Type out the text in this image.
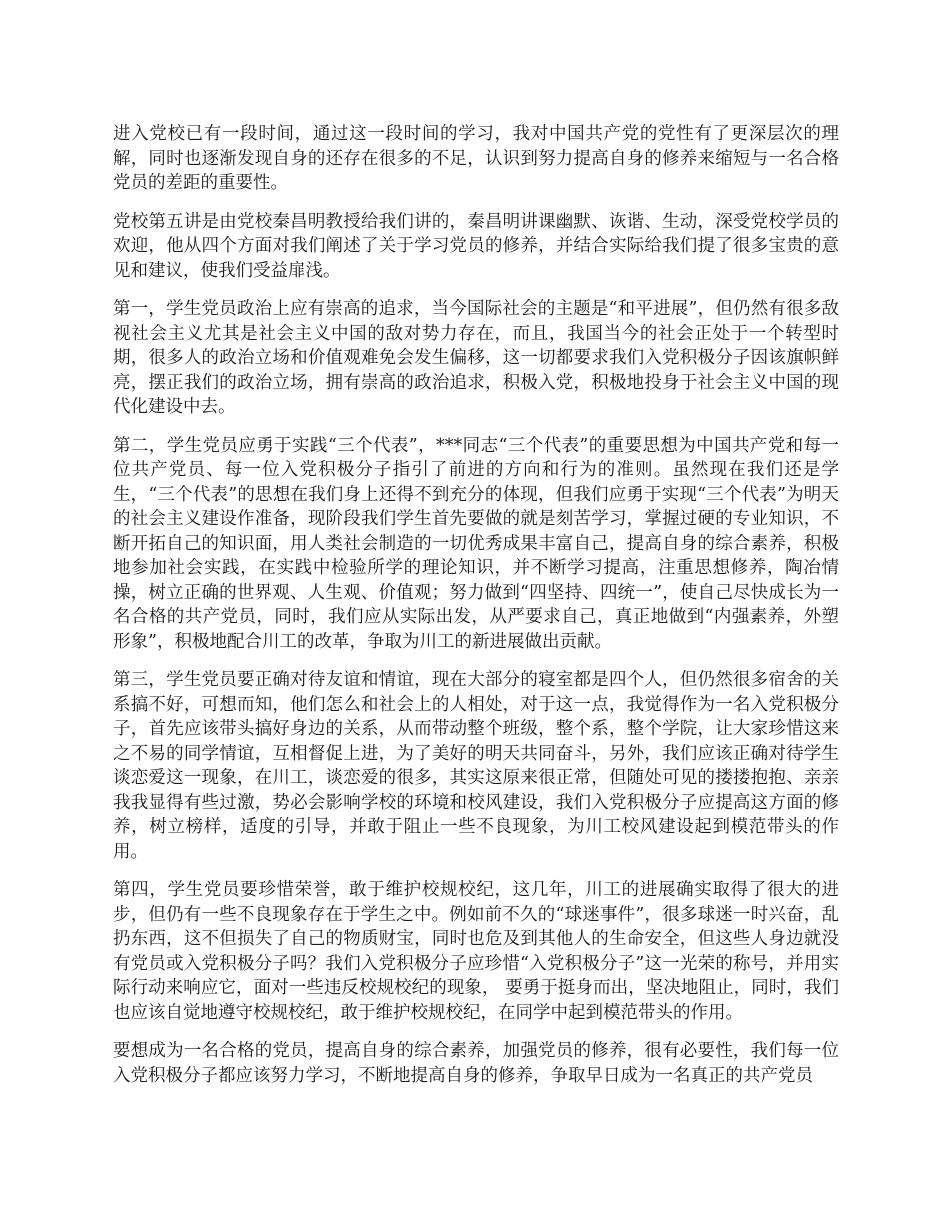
进入党校已有一段时间，通过这一段时间的学习，我对中国共产党的党性有了更深层次的理解，同时也逐渐发现自身的还存在很多的不足，认识到努力提高自身的修养来缩短与一名合格党员的差距的重要性。

党校第五讲是由党校秦昌明教授给我们讲的，秦昌明讲课幽默、诙谐、生动，深受党校学员的欢迎，他从四个方面对我们阐述了关于学习党员的修养，并结合实际给我们提了很多宝贵的意见和建议，使我们受益扉浅。

第一，学生党员政治上应有崇高的追求，当今国际社会的主题是“和平进展”，但仍然有很多敌视社会主义尤其是社会主义中国的敌对势力存在，而且，我国当今的社会正处于一个转型时期，很多人的政治立场和价值观难免会发生偏移，这一切都要求我们入党积极分子因该旗帜鲜亮，摆正我们的政治立场，拥有崇高的政治追求，积极入党，积极地投身于社会主义中国的现代化建设中去。

第二，学生党员应勇于实践“三个代表”，***同志“三个代表”的重要思想为中国共产党和每一位共产党员、每一位入党积极分子指引了前进的方向和行为的准则。虽然现在我们还是学生，“三个代表”的思想在我们身上还得不到充分的体现，但我们应勇于实现“三个代表”为明天的社会主义建设作准备，现阶段我们学生首先要做的就是刻苦学习，掌握过硬的专业知识，不断开拓自己的知识面，用人类社会制造的一切优秀成果丰富自己，提高自身的综合素养，积极地参加社会实践，在实践中检验所学的理论知识，并不断学习提高，注重思想修养，陶冶情操，树立正确的世界观、人生观、价值观；努力做到“四坚持、四统一”，使自己尽快成长为一名合格的共产党员，同时，我们应从实际出发，从严要求自己，真正地做到“内强素养，外塑形象”，积极地配合川工的改革，争取为川工的新进展做出贡献。

第三，学生党员要正确对待友谊和情谊，现在大部分的寝室都是四个人，但仍然很多宿舍的关系搞不好，可想而知，他们怎么和社会上的人相处，对于这一点，我觉得作为一名入党积极分子，首先应该带头搞好身边的关系，从而带动整个班级，整个系，整个学院，让大家珍惜这来之不易的同学情谊，互相督促上进，为了美好的明天共同奋斗，另外，我们应该正确对待学生谈恋爱这一现象，在川工，谈恋爱的很多，其实这原来很正常，但随处可见的搂搂抱抱、亲亲我我显得有些过激，势必会影响学校的环境和校风建设，我们入党积极分子应提高这方面的修养，树立榜样，适度的引导，并敢于阻止一些不良现象，为川工校风建设起到模范带头的作用。

第四，学生党员要珍惜荣誉，敢于维护校规校纪，这几年，川工的进展确实取得了很大的进步，但仍有一些不良现象存在于学生之中。例如前不久的“球迷事件”，很多球迷一时兴奋，乱扔东西，这不但损失了自己的物质财宝，同时也危及到其他人的生命安全，但这些人身边就没有党员或入党积极分子吗？我们入党积极分子应珍惜“入党积极分子”这一光荣的称号，并用实际行动来响应它，面对一些违反校规校纪的现象， 要勇于挺身而出，坚决地阻止，同时，我们也应该自觉地遵守校规校纪，敢于维护校规校纪，在同学中起到模范带头的作用。

要想成为一名合格的党员，提高自身的综合素养，加强党员的修养，很有必要性，我们每一位入党积极分子都应该努力学习，不断地提高自身的修养，争取早日成为一名真正的共产党员
